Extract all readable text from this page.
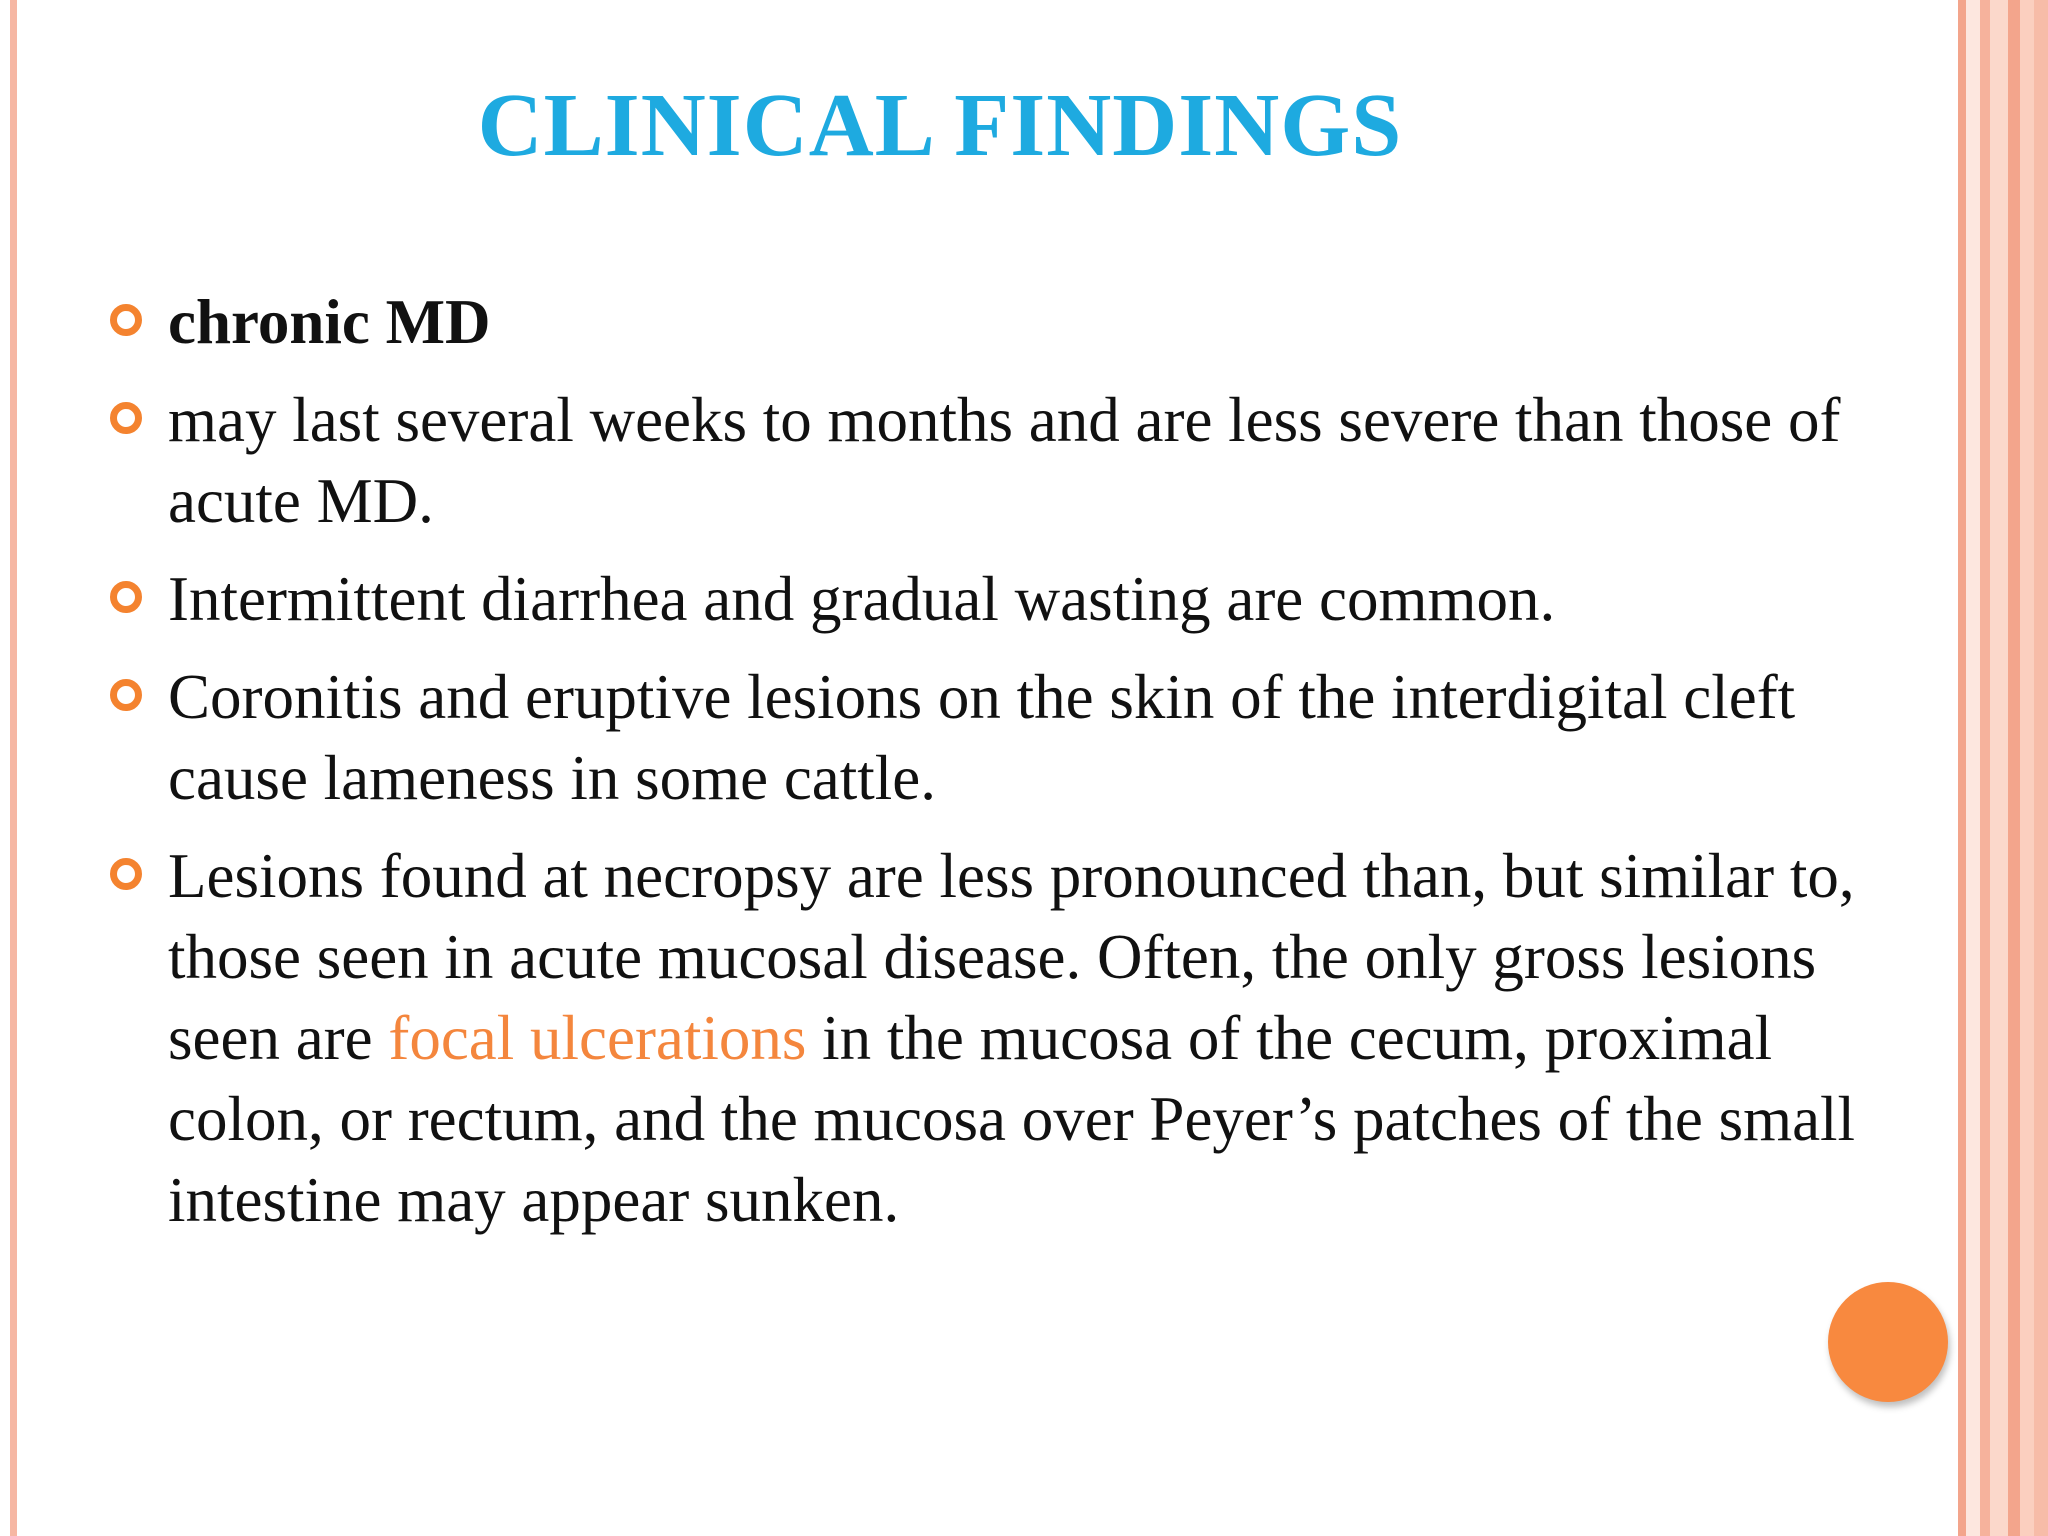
CLINICAL FINDINGS
chronic MD
may last several weeks to months and are less severe than those of acute MD.
Intermittent diarrhea and gradual wasting are common.
Coronitis and eruptive lesions on the skin of the interdigital cleft cause lameness in some cattle.
Lesions found at necropsy are less pronounced than, but similar to, those seen in acute mucosal disease. Often, the only gross lesions seen are focal ulcerations in the mucosa of the cecum, proximal colon, or rectum, and the mucosa over Peyer’s patches of the small intestine may appear sunken.
